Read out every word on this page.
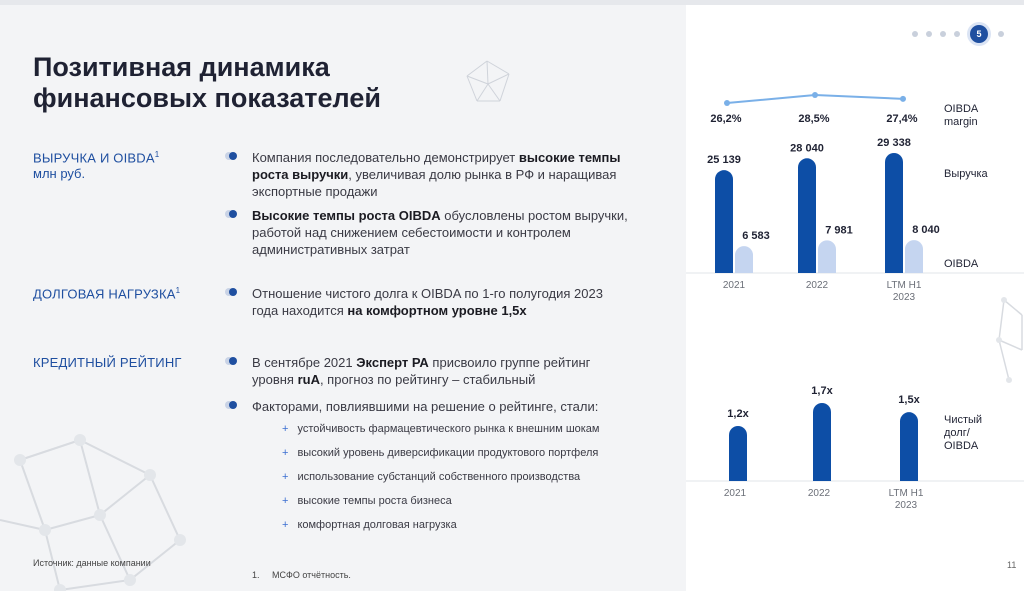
Позитивная динамика финансовых показателей
ВЫРУЧКА И OIBDA$^1$
млн руб.
Компания последовательно демонстрирует высокие темпы роста выручки, увеличивая долю рынка в РФ и наращивая экспортные продажи
Высокие темпы роста OIBDA обусловлены ростом выручки, работой над снижением себестоимости и контролем административных затрат
ДОЛГОВАЯ НАГРУЗКА$^1$	Отношение чистого долга к OIBDA по 1-го полугодия 2023 года находится на комфортном уровне 1,5х
КРЕДИТНЫЙ РЕЙТИНГ	В сентябре 2021 Эксперт РА присвоило группе рейтинг уровня ruA, прогноз по рейтингу – стабильный
Факторами, повлиявшими на решение о рейтинге, стали:
+ устойчивость фармацевтического рынка к внешним шокам
+ высокий уровень диверсификации продуктового портфеля
+ использование субстанций собственного производства
+ высокие темпы роста бизнеса
+ комфортная долговая нагрузка
Источник: данные компании
1. МСФО отчётность.
11
5
25 139
6 583
2021
28 040
7 981
2022
29 338
8 040
LTM H1
2023
26,2%	28,5%	27,4%
OIBDA
margin
Выручка
OIBDA
1,2x
2021
1,7x
2022
1,5x
LTM H1
2023
Чистый
долг/
OIBDA
